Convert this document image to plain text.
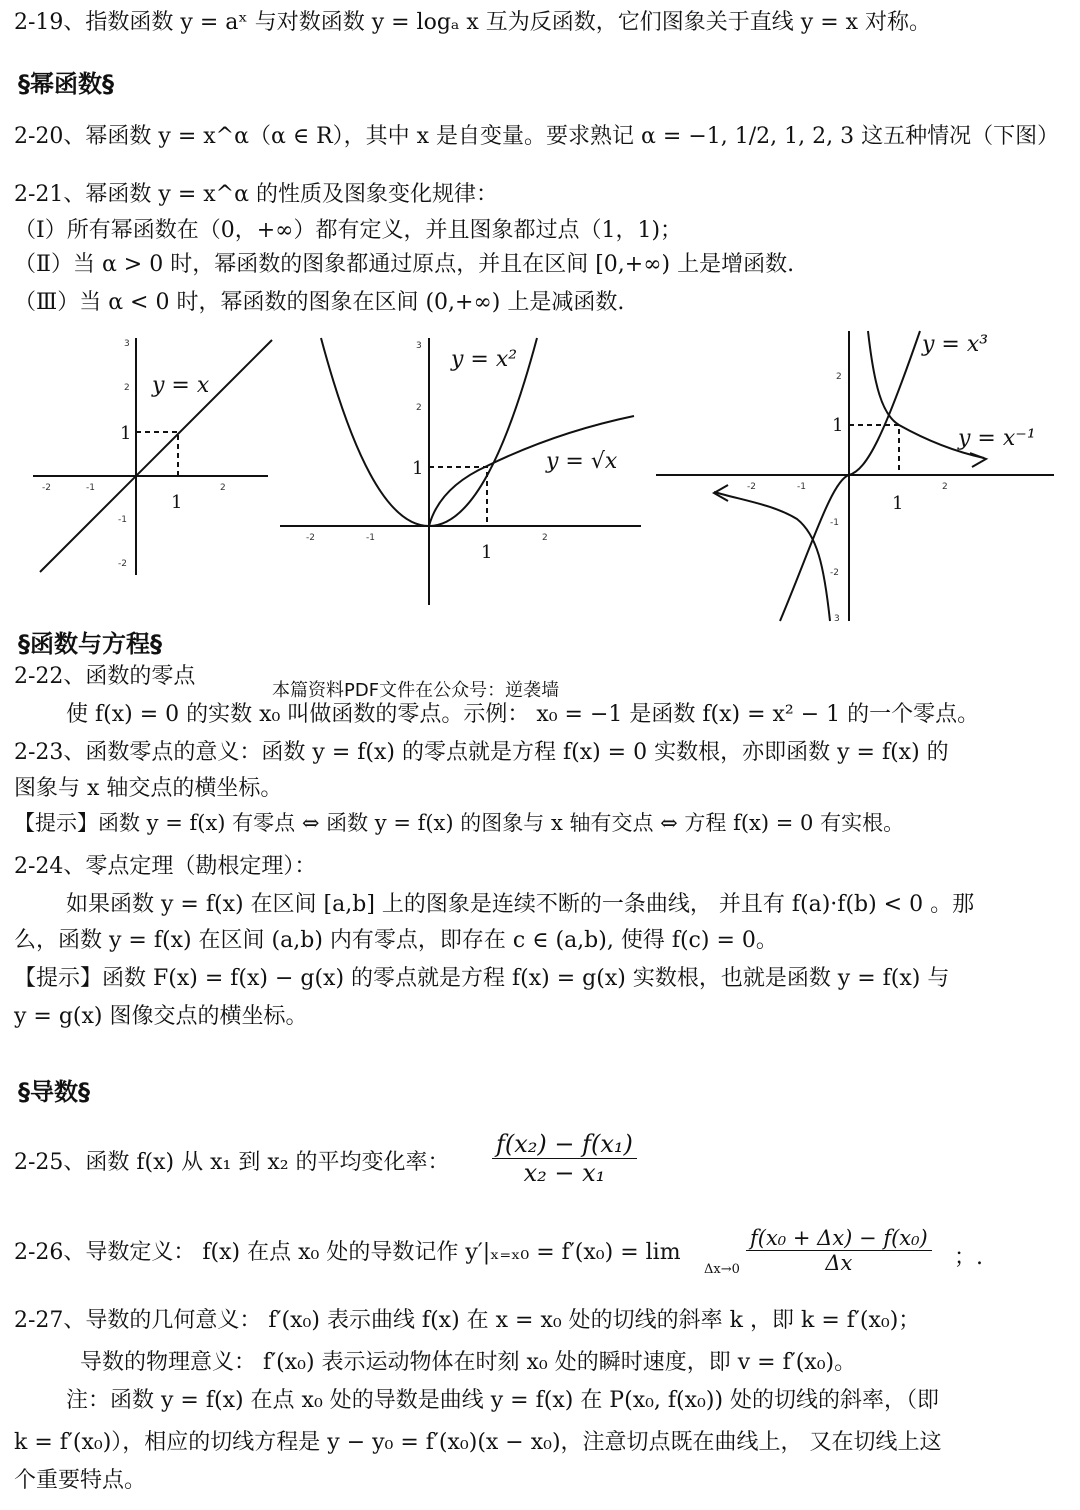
2-19、指数函数 y = aˣ 与对数函数 y = logₐ x 互为反函数，它们图象关于直线 y = x 对称。
§幂函数§
2-20、幂函数 y = x^α（α ∈ R），其中 x 是自变量。要求熟记 α = −1, 1/2, 1, 2, 3 这五种情况（下图）
2-21、幂函数 y = x^α 的性质及图象变化规律：
（Ⅰ）所有幂函数在（0，+∞）都有定义，并且图象都过点（1，1)；
（Ⅱ）当 α > 0 时，幂函数的图象都通过原点，并且在区间 [0,+∞) 上是增函数.
（Ⅲ）当 α < 0 时，幂函数的图象在区间 (0,+∞) 上是减函数.
y = x
1
1
-2	-1	2
3
2
-1
-2
y = x²
y = √x
1
1
-2	-1	2
3
2
y = x³
y = x⁻¹
1
1
-2	-1	2
2
-1
-2
3
§函数与方程§
2-22、函数的零点
本篇资料PDF文件在公众号：逆袭墙
使 f(x) = 0 的实数 x₀ 叫做函数的零点。示例： x₀ = −1 是函数 f(x) = x² − 1 的一个零点。
2-23、函数零点的意义：函数 y = f(x) 的零点就是方程 f(x) = 0 实数根，亦即函数 y = f(x) 的
图象与 x 轴交点的横坐标。
【提示】函数 y = f(x) 有零点 ⇔ 函数 y = f(x) 的图象与 x 轴有交点 ⇔ 方程 f(x) = 0 有实根。
2-24、零点定理（勘根定理）：
如果函数 y = f(x) 在区间 [a,b] 上的图象是连续不断的一条曲线， 并且有 f(a)·f(b) < 0 。那
么，函数 y = f(x) 在区间 (a,b) 内有零点，即存在 c ∈ (a,b), 使得 f(c) = 0。
【提示】函数 F(x) = f(x) − g(x) 的零点就是方程 f(x) = g(x) 实数根，也就是函数 y = f(x) 与
y = g(x) 图像交点的横坐标。
§导数§
2-25、函数 f(x) 从 x₁ 到 x₂ 的平均变化率： $\frac{\text{f(x₂) − f(x₁)}}{\text{x₂ − x₁}}$
2-26、导数定义： f(x) 在点 x₀ 处的导数记作 y′|ₓ₌ₓ₀ = f′(x₀) = lim
$\Delta x\to 0 \frac{\text{f(x₀ + Δx) − f(x₀)}}{\Delta x}$ ；.
2-27、导数的几何意义： f′(x₀) 表示曲线 f(x) 在 x = x₀ 处的切线的斜率 k ，即 k = f′(x₀)；
导数的物理意义： f′(x₀) 表示运动物体在时刻 x₀ 处的瞬时速度，即 v = f′(x₀)。
注：函数 y = f(x) 在点 x₀ 处的导数是曲线 y = f(x) 在 P(x₀, f(x₀)) 处的切线的斜率，（即
k = f′(x₀)），相应的切线方程是 y − y₀ = f′(x₀)(x − x₀)，注意切点既在曲线上， 又在切线上这
个重要特点。
